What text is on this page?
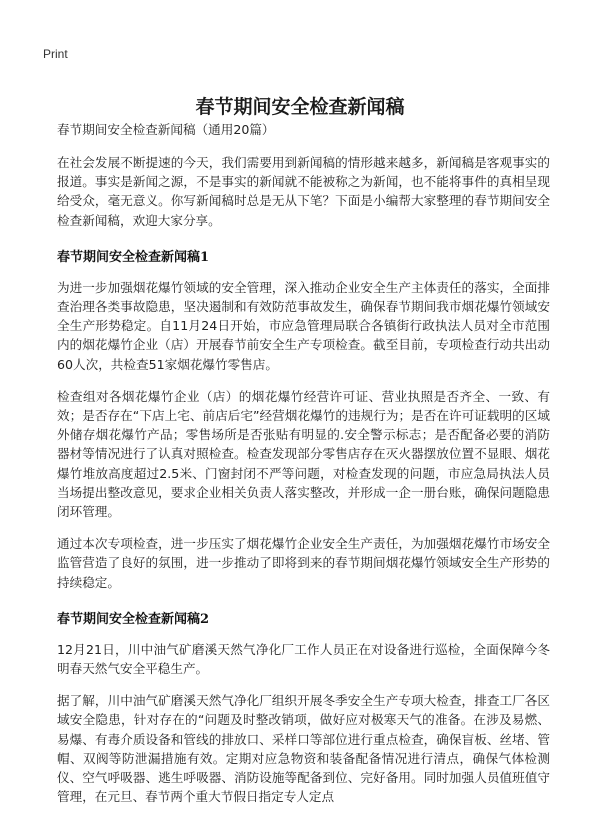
Print
春节期间安全检查新闻稿
春节期间安全检查新闻稿（通用20篇）

在社会发展不断提速的今天，我们需要用到新闻稿的情形越来越多，新闻稿是客观事实的报道。事实是新闻之源，不是事实的新闻就不能被称之为新闻，也不能将事件的真相呈现给受众，毫无意义。你写新闻稿时总是无从下笔？下面是小编帮大家整理的春节期间安全检查新闻稿，欢迎大家分享。

春节期间安全检查新闻稿1

为进一步加强烟花爆竹领域的安全管理，深入推动企业安全生产主体责任的落实，全面排查治理各类事故隐患，坚决遏制和有效防范事故发生，确保春节期间我市烟花爆竹领域安全生产形势稳定。自11月24日开始，市应急管理局联合各镇街行政执法人员对全市范围内的烟花爆竹企业（店）开展春节前安全生产专项检查。截至目前，专项检查行动共出动60人次，共检查51家烟花爆竹零售店。

检查组对各烟花爆竹企业（店）的烟花爆竹经营许可证、营业执照是否齐全、一致、有效；是否存在“下店上宅、前店后宅”经营烟花爆竹的违规行为；是否在许可证载明的区域外储存烟花爆竹产品；零售场所是否张贴有明显的.安全警示标志；是否配备必要的消防器材等情况进行了认真对照检查。检查发现部分零售店存在灭火器摆放位置不显眼、烟花爆竹堆放高度超过2.5米、门窗封闭不严等问题，对检查发现的问题，市应急局执法人员当场提出整改意见，要求企业相关负责人落实整改，并形成一企一册台账，确保问题隐患闭环管理。

通过本次专项检查，进一步压实了烟花爆竹企业安全生产责任，为加强烟花爆竹市场安全监管营造了良好的氛围，进一步推动了即将到来的春节期间烟花爆竹领域安全生产形势的持续稳定。

春节期间安全检查新闻稿2

12月21日，川中油气矿磨溪天然气净化厂工作人员正在对设备进行巡检，全面保障今冬明春天然气安全平稳生产。

据了解，川中油气矿磨溪天然气净化厂组织开展冬季安全生产专项大检查，排查工厂各区域安全隐患，针对存在的“问题及时整改销项，做好应对极寒天气的准备。在涉及易燃、易爆、有毒介质设备和管线的排放口、采样口等部位进行重点检查，确保盲板、丝堵、管帽、双阀等防泄漏措施有效。定期对应急物资和装备配备情况进行清点，确保气体检测仪、空气呼吸器、逃生呼吸器、消防设施等配备到位、完好备用。同时加强人员值班值守管理，在元旦、春节两个重大节假日指定专人定点
